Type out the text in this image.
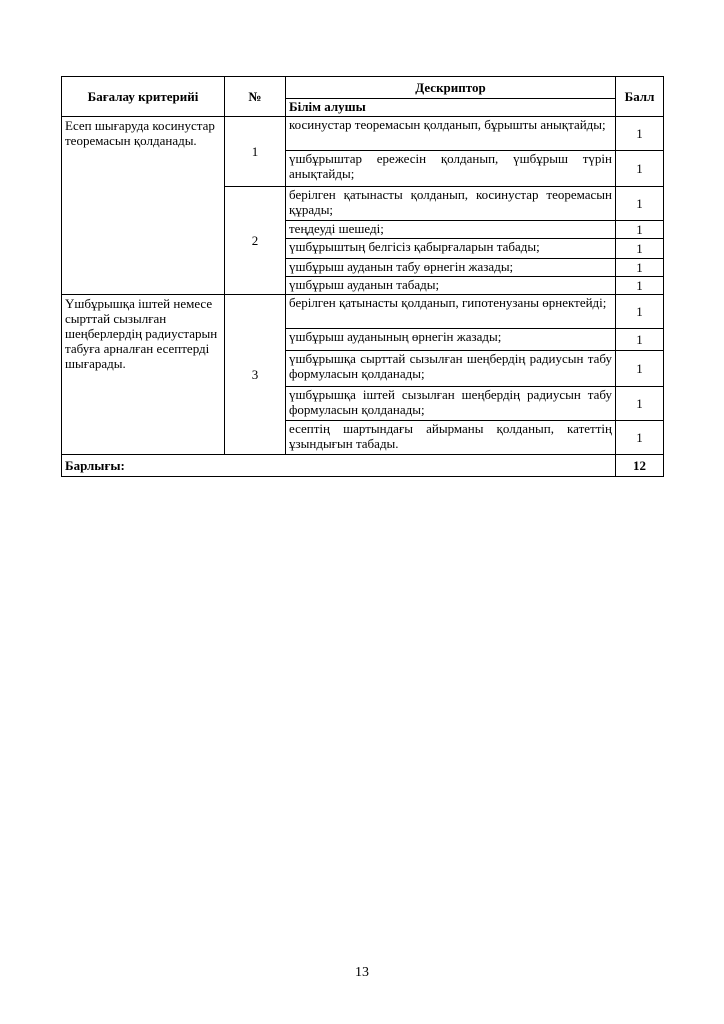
Бағалау критерийі	№	Дескриптор	Балл
		Білім алушы	
Есеп шығаруда косинустар теоремасын қолданады.	1	косинустар теоремасын қолданып, бұрышты анықтайды;	1
		үшбұрыштар ережесін қолданып, үшбұрыш түрін анықтайды;	1
	2	берілген қатынасты қолданып, косинустар теоремасын құрады;	1
		теңдеуді шешеді;	1
		үшбұрыштың белгісіз қабырғаларын табады;	1
		үшбұрыш ауданын табу өрнегін жазады;	1
		үшбұрыш ауданын табады;	1
Үшбұрышқа іштей немесе сырттай сызылған шеңберлердің радиустарын табуға арналған есептерді шығарады.	3	берілген қатынасты қолданып, гипотенузаны өрнектейді;	1
		үшбұрыш ауданының өрнегін жазады;	1
		үшбұрышқа сырттай сызылған шеңбердің радиусын табу формуласын қолданады;	1
		үшбұрышқа іштей сызылған шеңбердің радиусын табу формуласын қолданады;	1
		есептің шартындағы айырманы қолданып, катеттің ұзындығын табады.	1
Барлығы:			12
13
